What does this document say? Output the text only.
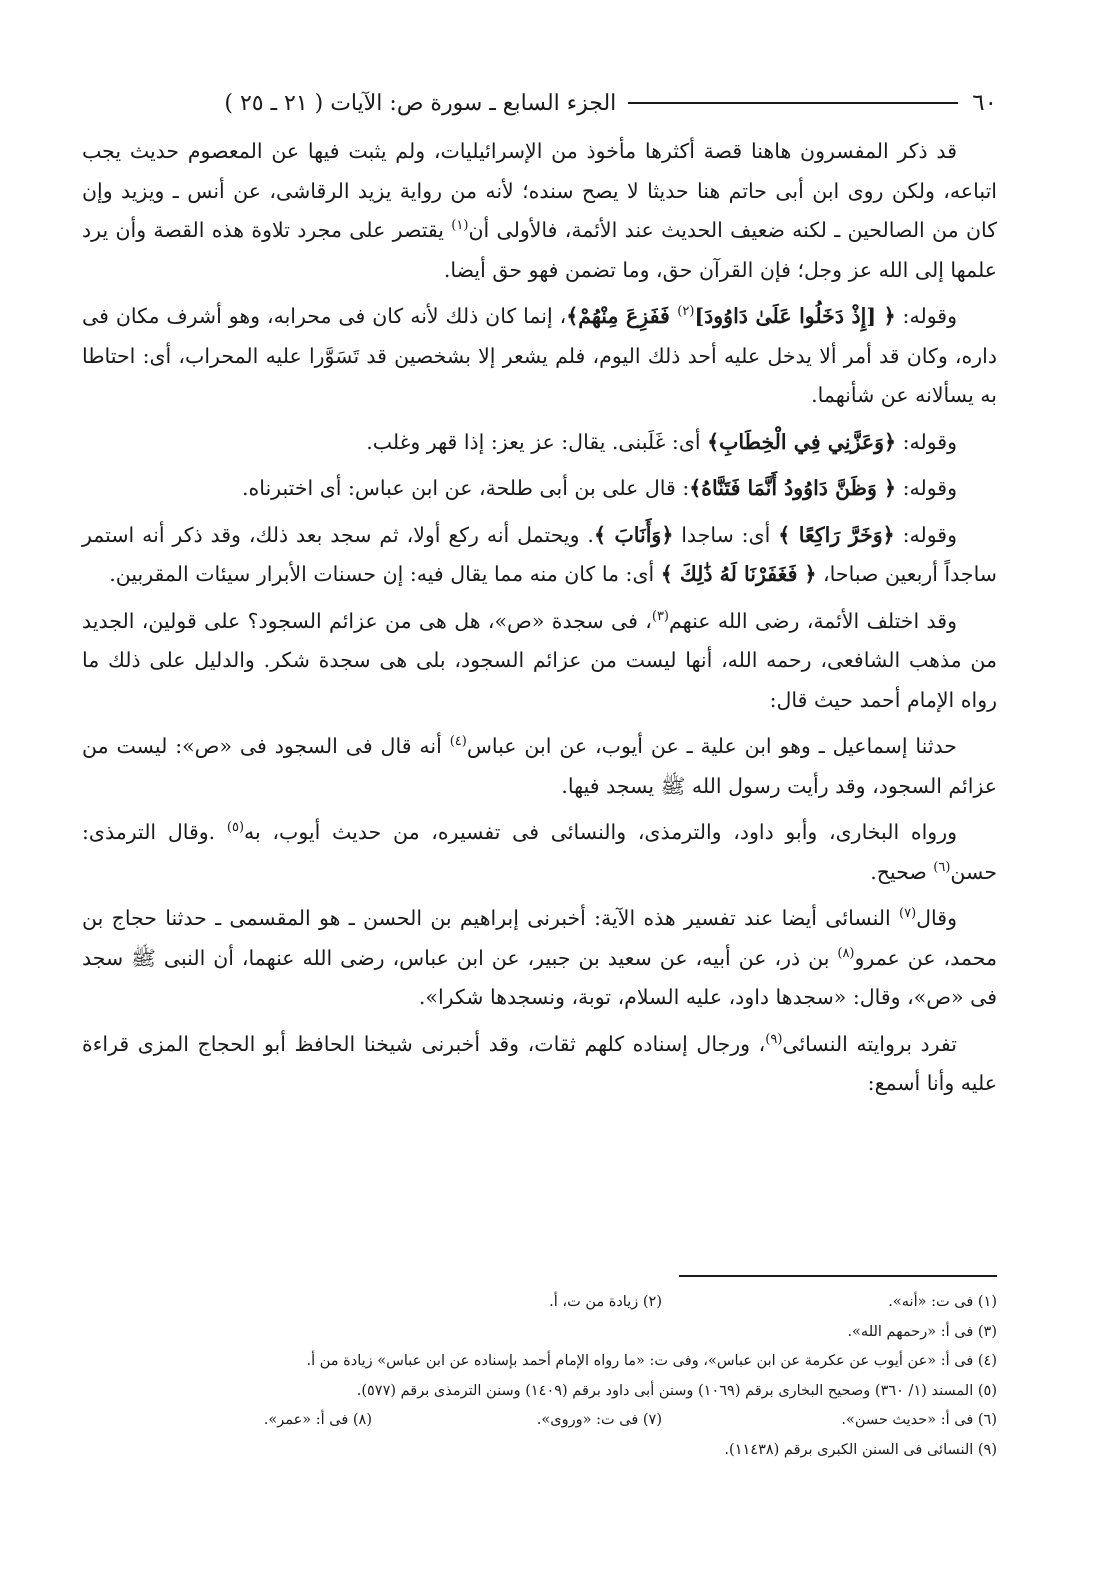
٦٠
الجزء السابع ـ سورة ص: الآيات ( ٢١ ـ ٢٥ )

قد ذكر المفسرون هاهنا قصة أكثرها مأخوذ من الإسرائيليات، ولم يثبت فيها عن المعصوم حديث يجب اتباعه، ولكن روى ابن أبى حاتم هنا حديثا لا يصح سنده؛ لأنه من رواية يزيد الرقاشى، عن أنس ـ ويزيد وإن كان من الصالحين ـ لكنه ضعيف الحديث عند الأئمة، فالأولى أن$^{(١)}$ يقتصر على مجرد تلاوة هذه القصة وأن يرد علمها إلى الله عز وجل؛ فإن القرآن حق، وما تضمن فهو حق أيضا.

وقوله: ﴿ [إِذْ دَخَلُوا عَلَىٰ دَاوُودَ]$^{(٢)}$ فَفَزِعَ مِنْهُمْ﴾، إنما كان ذلك لأنه كان فى محرابه، وهو أشرف مكان فى داره، وكان قد أمر ألا يدخل عليه أحد ذلك اليوم، فلم يشعر إلا بشخصين قد تَسَوَّرا عليه المحراب، أى: احتاطا به يسألانه عن شأنهما.

وقوله: ﴿وَعَزَّنِي فِي الْخِطَابِ﴾ أى: غَلَبنى. يقال: عز يعز: إذا قهر وغلب.

وقوله: ﴿ وَظَنَّ دَاوُودُ أَنَّمَا فَتَنَّاهُ﴾: قال على بن أبى طلحة، عن ابن عباس: أى اختبرناه.

وقوله: ﴿وَخَرَّ رَاكِعًا ﴾ أى: ساجدا ﴿وَأَنَابَ ﴾. ويحتمل أنه ركع أولا، ثم سجد بعد ذلك، وقد ذكر أنه استمر ساجداً أربعين صباحا، ﴿ فَغَفَرْنَا لَهُ ذَٰلِكَ ﴾ أى: ما كان منه مما يقال فيه: إن حسنات الأبرار سيئات المقربين.

وقد اختلف الأئمة، رضى الله عنهم$^{(٣)}$، فى سجدة «ص»، هل هى من عزائم السجود؟ على قولين، الجديد من مذهب الشافعى، رحمه الله، أنها ليست من عزائم السجود، بلى هى سجدة شكر. والدليل على ذلك ما رواه الإمام أحمد حيث قال:

حدثنا إسماعيل ـ وهو ابن علية ـ عن أيوب، عن ابن عباس$^{(٤)}$ أنه قال فى السجود فى «ص»: ليست من عزائم السجود، وقد رأيت رسول الله ﷺ يسجد فيها.

ورواه البخارى، وأبو داود، والترمذى، والنسائى فى تفسيره، من حديث أيوب، به$^{(٥)}$ .وقال الترمذى: حسن$^{(٦)}$ صحيح.

وقال$^{(٧)}$ النسائى أيضا عند تفسير هذه الآية: أخبرنى إبراهيم بن الحسن ـ هو المقسمى ـ حدثنا حجاج بن محمد، عن عمرو$^{(٨)}$ بن ذر، عن أبيه، عن سعيد بن جبير، عن ابن عباس، رضى الله عنهما، أن النبى ﷺ سجد فى «ص»، وقال: «سجدها داود، عليه السلام، توبة، ونسجدها شكرا».

تفرد بروايته النسائى$^{(٩)}$، ورجال إسناده كلهم ثقات، وقد أخبرنى شيخنا الحافظ أبو الحجاج المزى قراءة عليه وأنا أسمع:

(١) فى ت: «أنه».
(٢) زيادة من ت، أ.
(٣) فى أ: «رحمهم الله».
(٤) فى أ: «عن أيوب عن عكرمة عن ابن عباس»، وفى ت: «ما رواه الإمام أحمد بإسناده عن ابن عباس» زيادة من أ.
(٥) المسند (١/ ٣٦٠) وصحيح البخارى برقم (١٠٦٩) وسنن أبى داود برقم (١٤٠٩) وسنن الترمذى برقم (٥٧٧).
(٦) فى أ: «حديث حسن».
(٧) فى ت: «وروى».
(٨) فى أ: «عمر».
(٩) النسائى فى السنن الكبرى برقم (١١٤٣٨).
